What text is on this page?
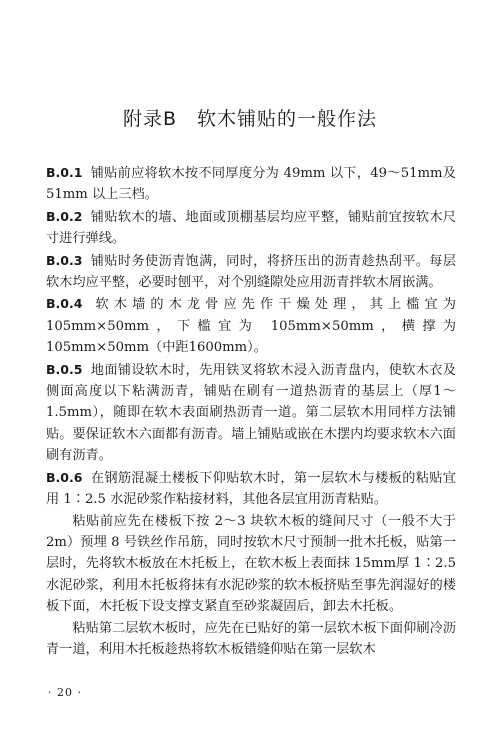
附录B　软木铺贴的一般作法

B.0.1 铺贴前应将软木按不同厚度分为 49mm 以下，49～51mm及 51mm 以上三档。

B.0.2 铺贴软木的墙、地面或顶棚基层均应平整，铺贴前宜按软木尺寸进行弹线。

B.0.3 铺贴时务使沥青饱满，同时，将挤压出的沥青趁热刮平。每层软木均应平整，必要时刨平，对个别缝隙处应用沥青拌软木屑嵌满。

B.0.4 软木墙的木龙骨应先作干燥处理，其上槛宜为 105mm×50mm，下槛宜为 105mm×50mm，横撑为 105mm×50mm（中距1600mm）。

B.0.5 地面铺设软木时，先用铁叉将软木浸入沥青盘内，使软木衣及侧面高度以下粘满沥青，铺贴在刷有一道热沥青的基层上（厚1～1.5mm），随即在软木表面刷热沥青一道。第二层软木用同样方法铺贴。要保证软木六面都有沥青。墙上铺贴或嵌在木摆内均要求软木六面刷有沥青。

B.0.6 在钢筋混凝土楼板下仰贴软木时，第一层软木与楼板的粘贴宜用 1∶2.5 水泥砂浆作粘接材料，其他各层宜用沥青粘贴。

粘贴前应先在楼板下按 2～3 块软木板的缝间尺寸（一般不大于 2m）预埋 8 号铁丝作吊筋，同时按软木尺寸预制一批木托板，贴第一层时，先将软木板放在木托板上，在软木板上表面抹 15mm厚 1∶2.5 水泥砂浆，利用木托板将抹有水泥砂浆的软木板挤贴至事先润湿好的楼板下面，木托板下设支撑支紧直至砂浆凝固后，卸去木托板。

粘贴第二层软木板时，应先在已贴好的第一层软木板下面仰刷冷沥青一道，利用木托板趁热将软木板错缝仰贴在第一层软木

· 20 ·
